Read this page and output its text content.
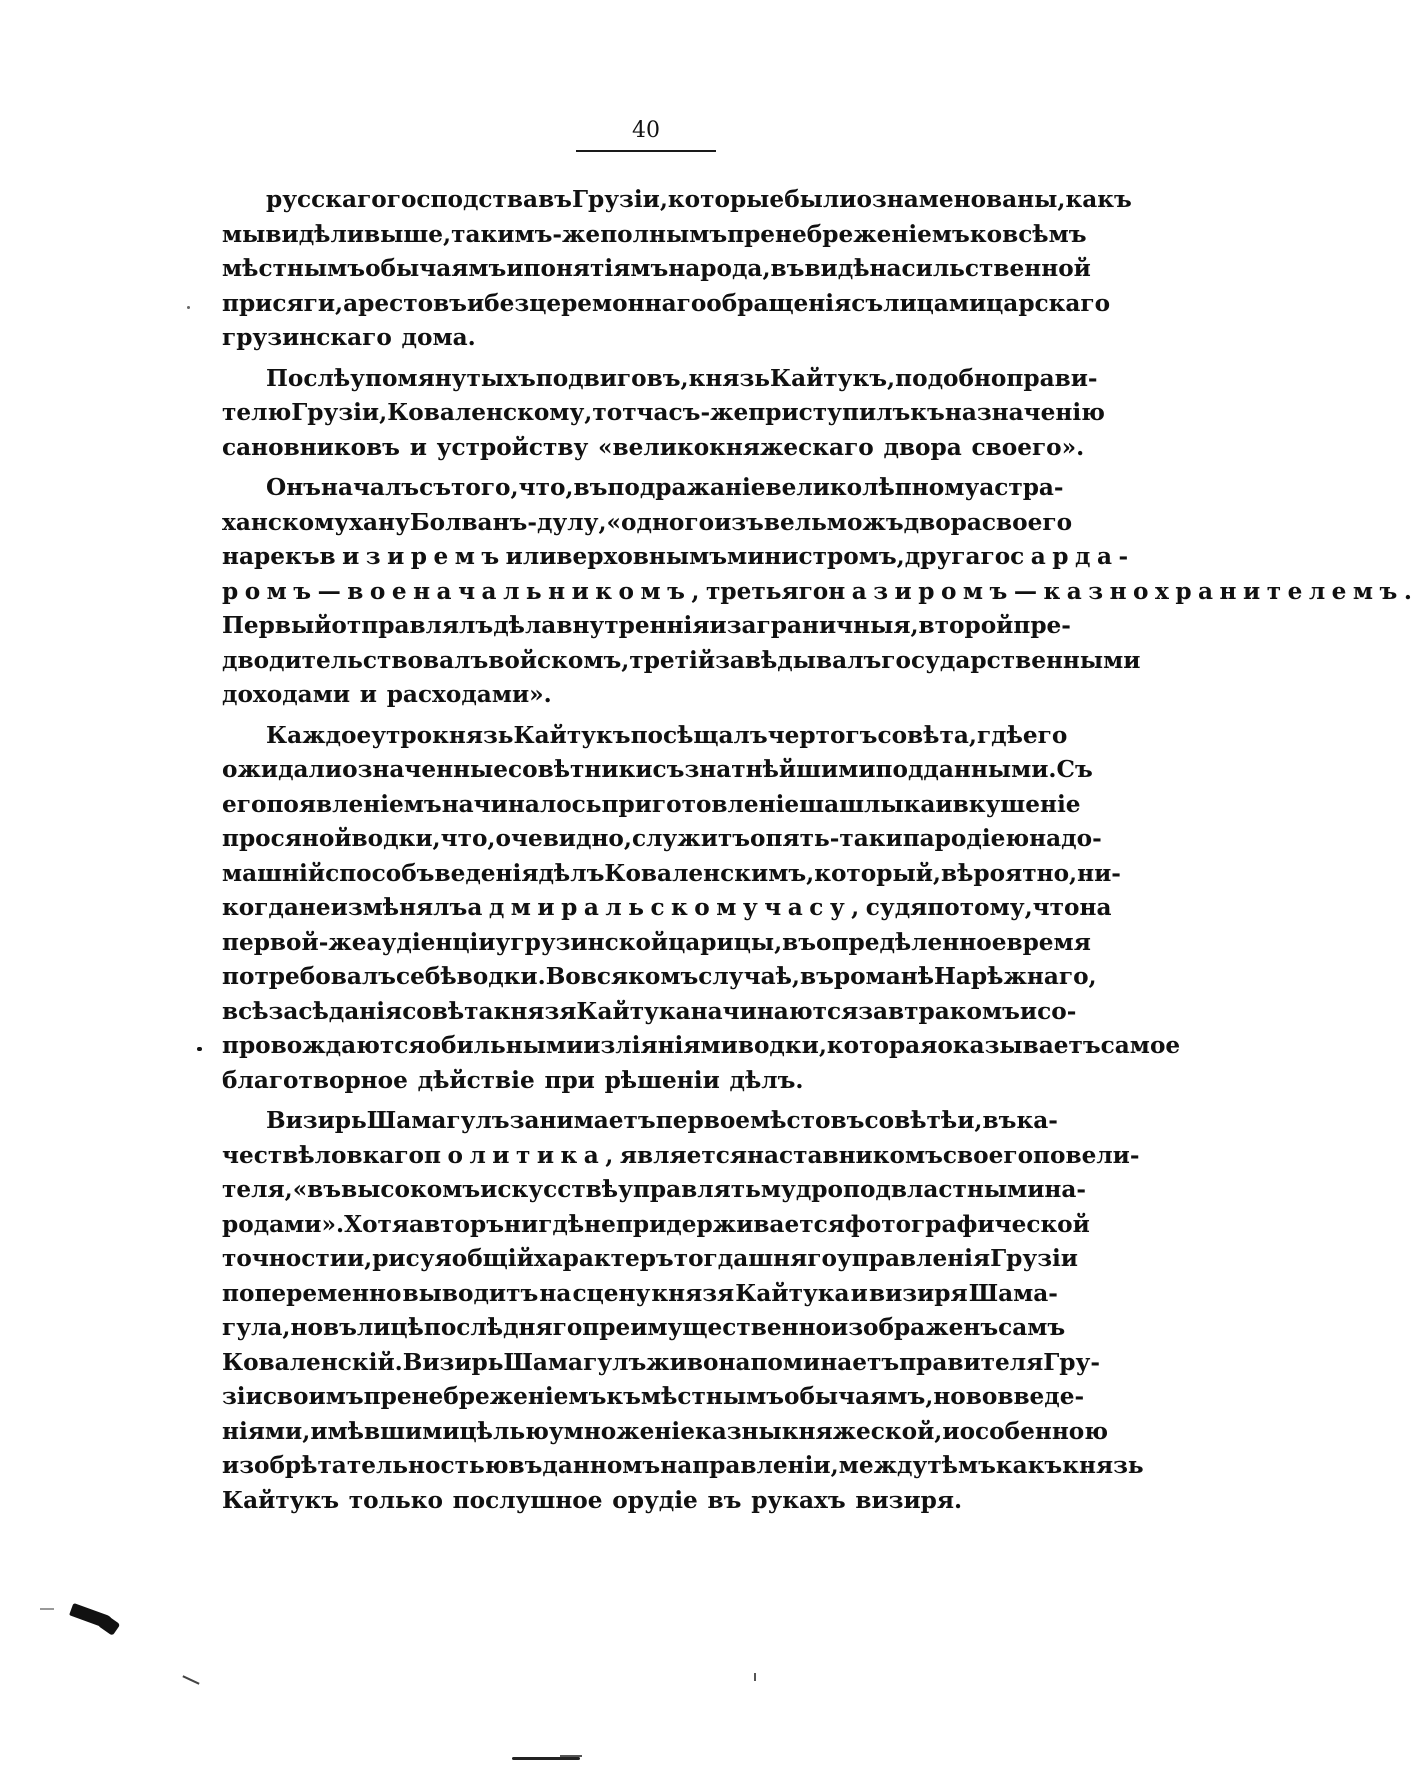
40
русскаго господства въ Грузіи, которые были ознаменованы, какъ
мы видѣли выше, такимъ-же полнымъ пренебреженіемъ ко всѣмъ
мѣстнымъ обычаямъ и понятіямъ народа, въ видѣ насильственной
присяги, арестовъ и безцеремоннаго обращенія съ лицами царскаго
грузинскаго дома.
Послѣ упомянутыхъ подвиговъ, князь Кайтукъ, подобно прави-
телю Грузіи, Коваленскому, тотчасъ-же приступилъ къ назначенію
сановниковъ и устройству «великокняжескаго двора своего».
Онъ началъ съ того, что, въ подражаніе великолѣпному астра-
ханскому хану Болванъ-дулу, «одного изъ вельможъ двора своего
нарекъ визиремъ или верховнымъ министромъ, другаго сарда-
ромъ—военачальникомъ, третьяго назиромъ—казнохранителемъ.
Первый отправлялъ дѣла внутреннія и заграничныя, второй пре-
дводительствовалъ войскомъ, третій завѣдывалъ государственными
доходами и расходами».
Каждое утро князь Кайтукъ посѣщалъ чертогъ совѣта, гдѣ его
ожидали означенные совѣтники съ знатнѣйшими подданными. Съ
его появленіемъ начиналось приготовленіе шашлыка и вкушеніе
просяной водки, что, очевидно, служитъ опять-таки пародіею на до-
машній способъ веденія дѣлъ Коваленскимъ, который, вѣроятно, ни-
когда не измѣнялъ адмиральскому часу, судя по тому, что на
первой-же аудіенціи у грузинской царицы, въ опредѣленное время
потребовалъ себѣ водки. Во всякомъ случаѣ, въ романѣ Нарѣжнаго,
всѣ засѣданія совѣта князя Кайтука начинаются завтракомъ и со-
провождаются обильными изліяніями водки, которая оказываетъ самое
благотворное дѣйствіе при рѣшеніи дѣлъ.
Визирь Шамагулъ занимаетъ первое мѣсто въ совѣтѣ и, въ ка-
чествѣ ловкаго политика, является наставникомъ своего повели-
теля, «въ высокомъ искусствѣ управлять мудро подвластными на-
родами». Хотя авторъ нигдѣ не придерживается фотографической
точности и, рисуя общій характеръ тогдашняго управленія Грузіи
попеременно выводитъ на сцену князя Кайтука и визиря Шама-
гула, но въ лицѣ послѣдняго преимущественно изображенъ самъ
Коваленскій. Визирь Шамагулъ живо напоминаетъ правителя Гру-
зіи своимъ пренебреженіемъ къ мѣстнымъ обычаямъ, нововведе-
ніями, имѣвшими цѣлью умноженіе казны княжеской, и особенною
изобрѣтательностью въ данномъ направленіи, между тѣмъ какъ князь
Кайтукъ только послушное орудіе въ рукахъ визиря.
